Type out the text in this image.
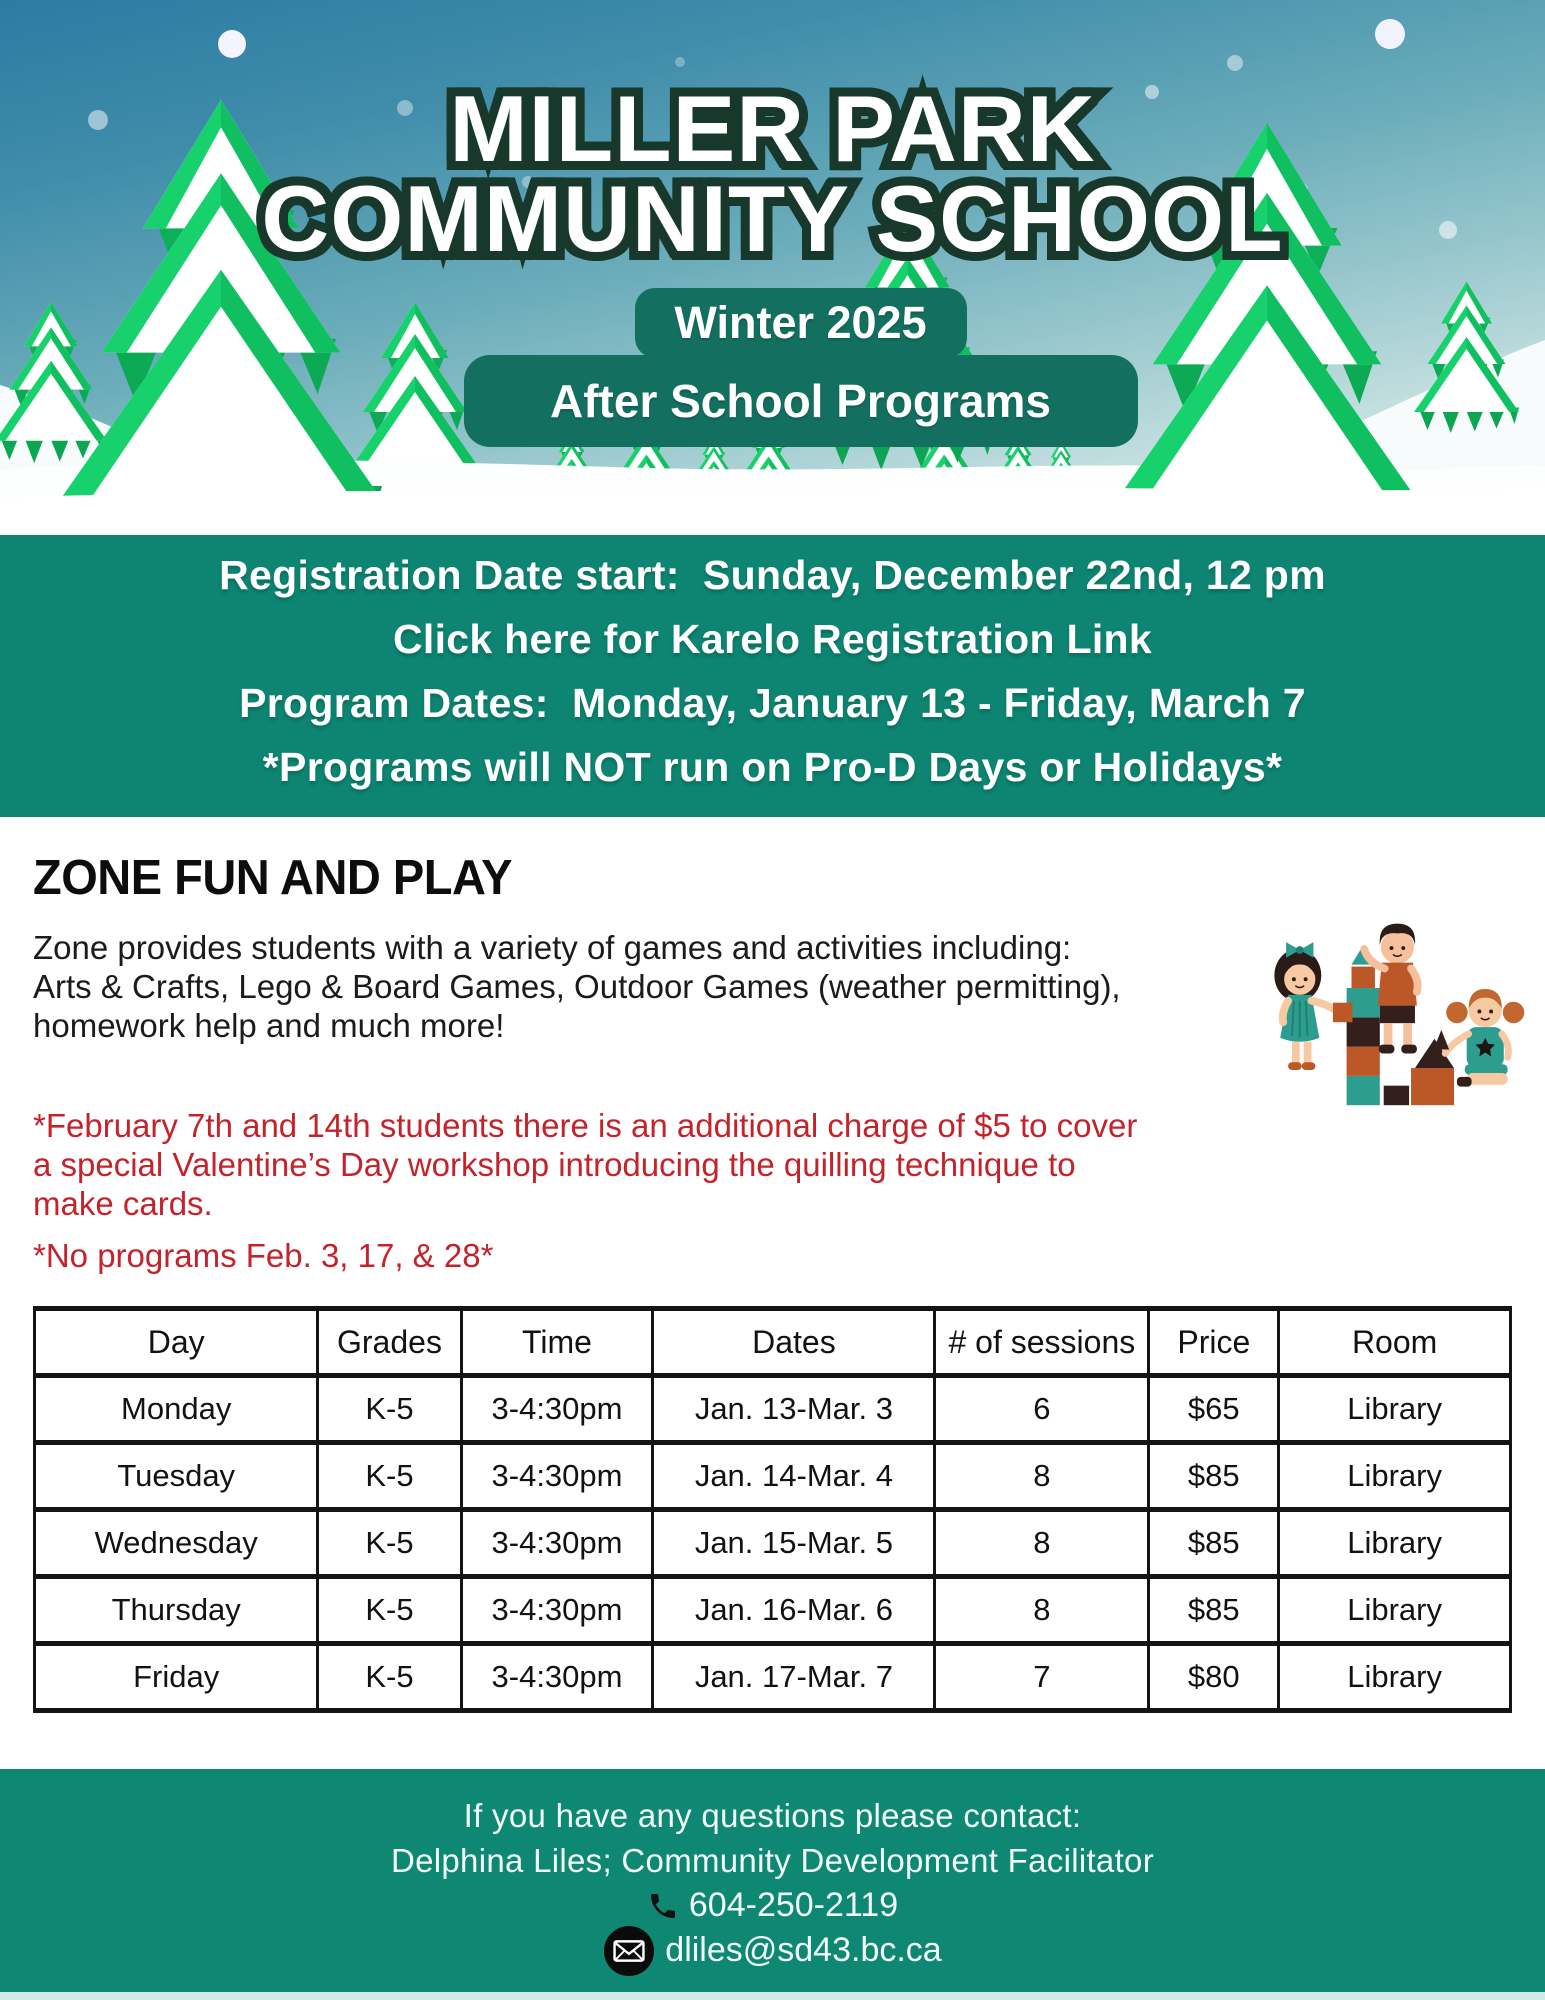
MILLER PARK MILLER PARK
COMMUNITY SCHOOL COMMUNITY SCHOOL
Winter 2025
After School Programs
Registration Date start:  Sunday, December 22nd, 12 pm
Click here for Karelo Registration Link
Program Dates:  Monday, January 13 - Friday, March 7
*Programs will NOT run on Pro-D Days or Holidays*
ZONE FUN AND PLAY
Zone provides students with a variety of games and activities including:
Arts & Crafts, Lego & Board Games, Outdoor Games (weather permitting),
homework help and much more!
*February 7th and 14th students there is an additional charge of $5 to cover
a special Valentine’s Day workshop introducing the quilling technique to
make cards.
*No programs Feb. 3, 17, & 28*
Day	Grades	Time	Dates	# of sessions	Price	Room
Monday	K-5	3-4:30pm	Jan. 13-Mar. 3	6	$65	Library
Tuesday	K-5	3-4:30pm	Jan. 14-Mar. 4	8	$85	Library
Wednesday	K-5	3-4:30pm	Jan. 15-Mar. 5	8	$85	Library
Thursday	K-5	3-4:30pm	Jan. 16-Mar. 6	8	$85	Library
Friday	K-5	3-4:30pm	Jan. 17-Mar. 7	7	$80	Library
If you have any questions please contact:
Delphina Liles; Community Development Facilitator
604-250-2119
dliles@sd43.bc.ca
